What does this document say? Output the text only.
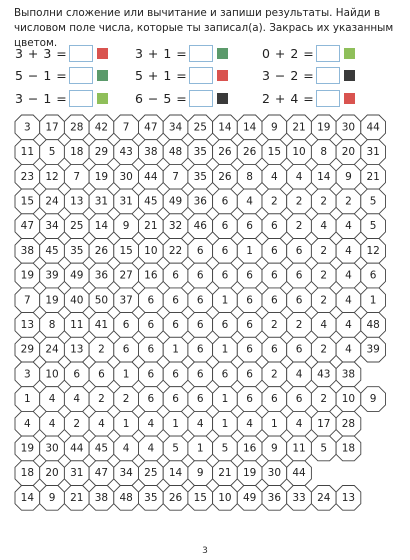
Выполни сложение или вычитание и запиши результаты. Найди в числовом поле числа, которые ты записал(а). Закрась их указанным цветом.
3 + 3 =	3 + 1 =	0 + 2 =
5 − 1 =	5 + 1 =	3 − 2 =
3 − 1 =	6 − 5 =	2 + 4 =
3 17 28 42 7 47 34 25 14 14 9 21 19 30 44
11 5 18 29 43 38 48 35 26 26 15 10 8 20 31
23 12 7 19 30 44 7 35 26 8 4 4 14 9 21
15 24 13 31 31 45 49 36 6 4 2 2 2 2 5
47 34 25 14 9 21 32 46 6 6 6 2 4 4 5
38 45 35 26 15 10 22 6 6 1 6 6 2 4 12
19 39 49 36 27 16 6 6 6 6 6 6 2 4 6
7 19 40 50 37 6 6 6 1 6 6 6 2 4 1
13 8 11 41 6 6 6 6 6 6 2 2 4 4 48
29 24 13 2 6 6 1 6 1 6 6 6 2 4 39
3 10 6 6 1 6 6 6 6 6 2 4 43 38
1 4 4 2 2 6 6 6 1 6 6 6 2 10 9
4 4 2 4 1 4 1 4 1 4 1 4 17 28
19 30 44 45 4 4 5 1 5 16 9 11 5 18
18 20 31 47 34 25 14 9 21 19 30 44
14 9 21 38 48 35 26 15 10 49 36 33 24 13
3
